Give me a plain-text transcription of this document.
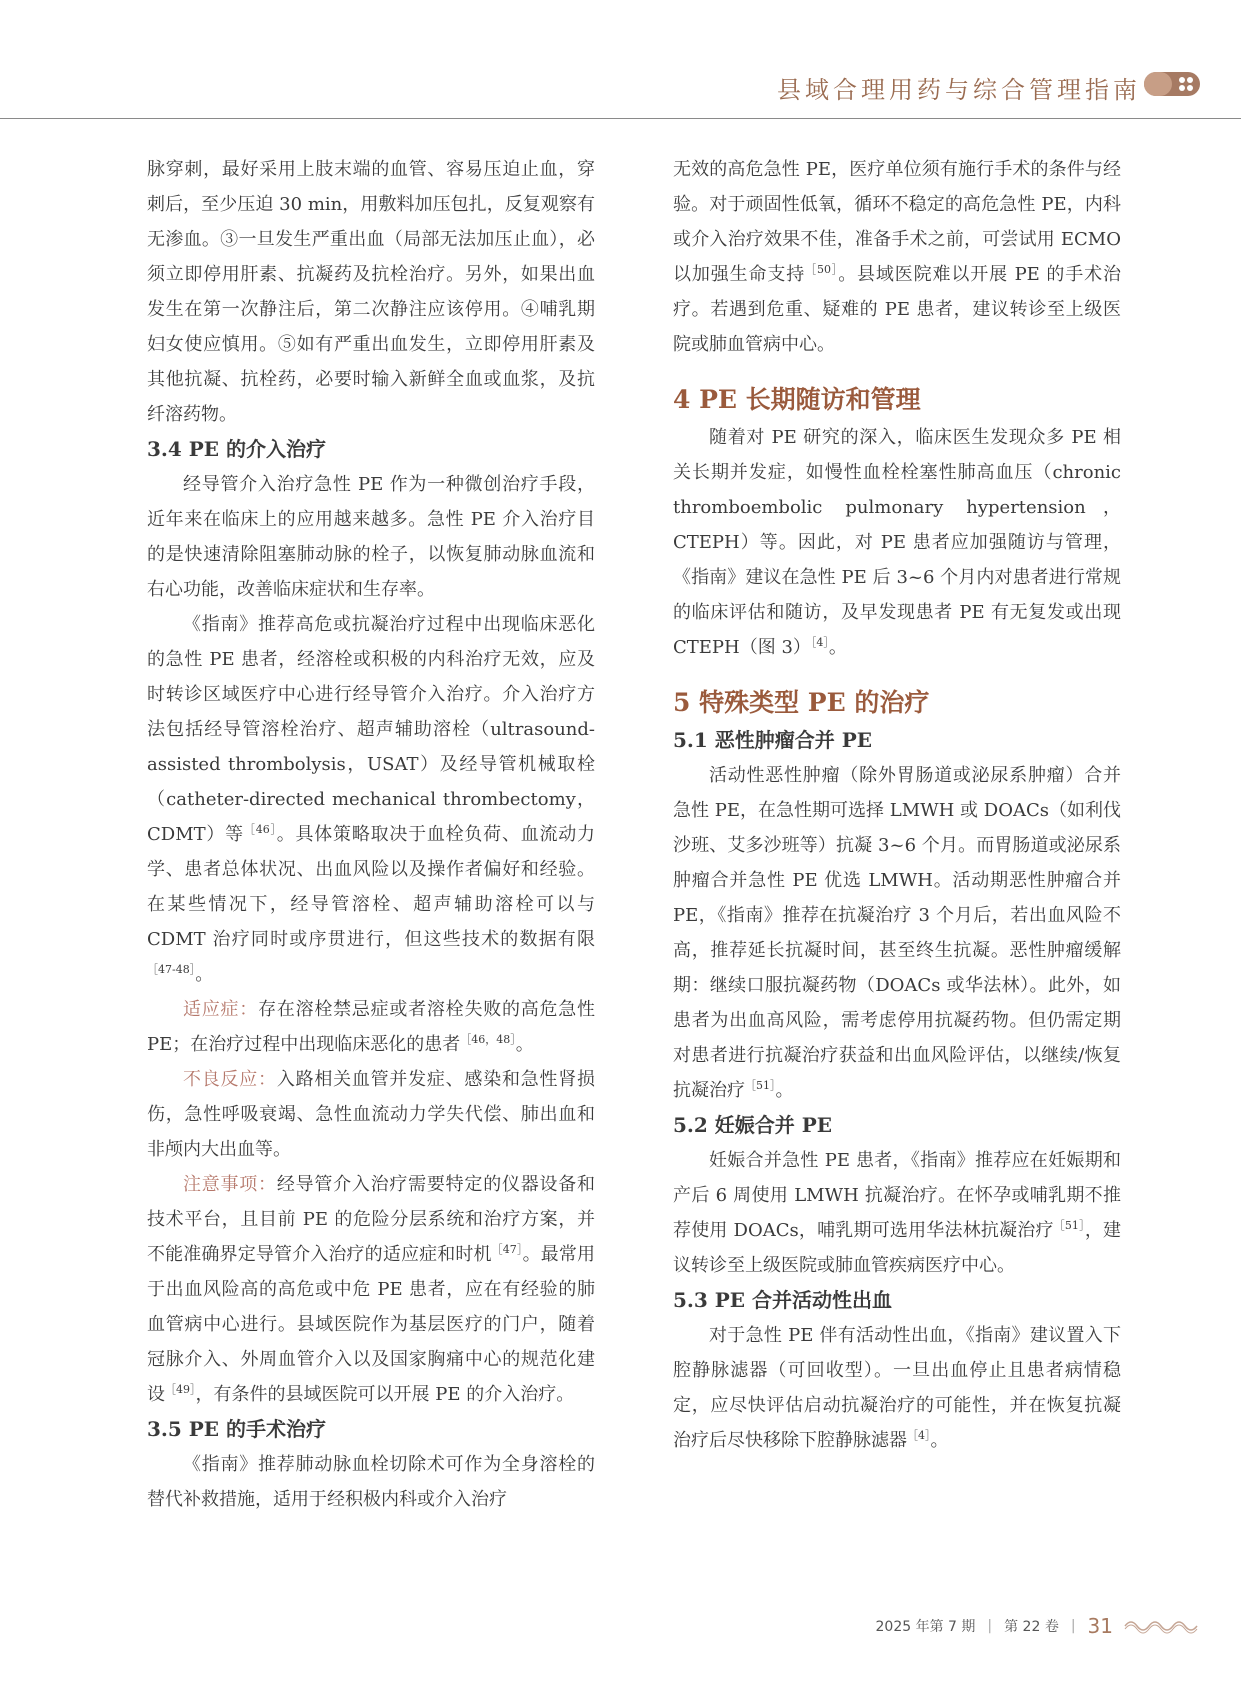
县域合理用药与综合管理指南

脉穿刺，最好采用上肢末端的血管、容易压迫止血，穿刺后，至少压迫 30 min，用敷料加压包扎，反复观察有无渗血。③一旦发生严重出血（局部无法加压止血），必须立即停用肝素、抗凝药及抗栓治疗。另外，如果出血发生在第一次静注后，第二次静注应该停用。④哺乳期妇女使应慎用。⑤如有严重出血发生，立即停用肝素及其他抗凝、抗栓药，必要时输入新鲜全血或血浆，及抗纤溶药物。

3.4 PE 的介入治疗

经导管介入治疗急性 PE 作为一种微创治疗手段，近年来在临床上的应用越来越多。急性 PE 介入治疗目的是快速清除阻塞肺动脉的栓子，以恢复肺动脉血流和右心功能，改善临床症状和生存率。

《指南》推荐高危或抗凝治疗过程中出现临床恶化的急性 PE 患者，经溶栓或积极的内科治疗无效，应及时转诊区域医疗中心进行经导管介入治疗。介入治疗方法包括经导管溶栓治疗、超声辅助溶栓（ultrasound-assisted thrombolysis，USAT）及经导管机械取栓（catheter-directed mechanical thrombectomy，CDMT）等$^{[46]}$。具体策略取决于血栓负荷、血流动力学、患者总体状况、出血风险以及操作者偏好和经验。在某些情况下，经导管溶栓、超声辅助溶栓可以与 CDMT 治疗同时或序贯进行，但这些技术的数据有限$^{[47-48]}$。

适应症：存在溶栓禁忌症或者溶栓失败的高危急性 PE；在治疗过程中出现临床恶化的患者$^{[46,48]}$。

不良反应：入路相关血管并发症、感染和急性肾损伤，急性呼吸衰竭、急性血流动力学失代偿、肺出血和非颅内大出血等。

注意事项：经导管介入治疗需要特定的仪器设备和技术平台，且目前 PE 的危险分层系统和治疗方案，并不能准确界定导管介入治疗的适应症和时机$^{[47]}$。最常用于出血风险高的高危或中危 PE 患者，应在有经验的肺血管病中心进行。县域医院作为基层医疗的门户，随着冠脉介入、外周血管介入以及国家胸痛中心的规范化建设$^{[49]}$，有条件的县域医院可以开展 PE 的介入治疗。

3.5 PE 的手术治疗

《指南》推荐肺动脉血栓切除术可作为全身溶栓的替代补救措施，适用于经积极内科或介入治疗

无效的高危急性 PE，医疗单位须有施行手术的条件与经验。对于顽固性低氧，循环不稳定的高危急性 PE，内科或介入治疗效果不佳，准备手术之前，可尝试用 ECMO 以加强生命支持$^{[50]}$。县域医院难以开展 PE 的手术治疗。若遇到危重、疑难的 PE 患者，建议转诊至上级医院或肺血管病中心。

4 PE 长期随访和管理

随着对 PE 研究的深入，临床医生发现众多 PE 相关长期并发症，如慢性血栓栓塞性肺高血压（chronic thromboembolic pulmonary hypertension，CTEPH）等。因此，对 PE 患者应加强随访与管理，《指南》建议在急性 PE 后 3~6 个月内对患者进行常规的临床评估和随访，及早发现患者 PE 有无复发或出现 CTEPH（图 3）$^{[4]}$。

5 特殊类型 PE 的治疗

5.1 恶性肿瘤合并 PE

活动性恶性肿瘤（除外胃肠道或泌尿系肿瘤）合并急性 PE，在急性期可选择 LMWH 或 DOACs（如利伐沙班、艾多沙班等）抗凝 3~6 个月。而胃肠道或泌尿系肿瘤合并急性 PE 优选 LMWH。活动期恶性肿瘤合并 PE，《指南》推荐在抗凝治疗 3 个月后，若出血风险不高，推荐延长抗凝时间，甚至终生抗凝。恶性肿瘤缓解期：继续口服抗凝药物（DOACs 或华法林）。此外，如患者为出血高风险，需考虑停用抗凝药物。但仍需定期对患者进行抗凝治疗获益和出血风险评估，以继续/恢复抗凝治疗$^{[51]}$。

5.2 妊娠合并 PE

妊娠合并急性 PE 患者，《指南》推荐应在妊娠期和产后 6 周使用 LMWH 抗凝治疗。在怀孕或哺乳期不推荐使用 DOACs，哺乳期可选用华法林抗凝治疗$^{[51]}$，建议转诊至上级医院或肺血管疾病医疗中心。

5.3 PE 合并活动性出血

对于急性 PE 伴有活动性出血，《指南》建议置入下腔静脉滤器（可回收型）。一旦出血停止且患者病情稳定，应尽快评估启动抗凝治疗的可能性，并在恢复抗凝治疗后尽快移除下腔静脉滤器$^{[4]}$。

2025 年第 7 期 | 第 22 卷 | 31
